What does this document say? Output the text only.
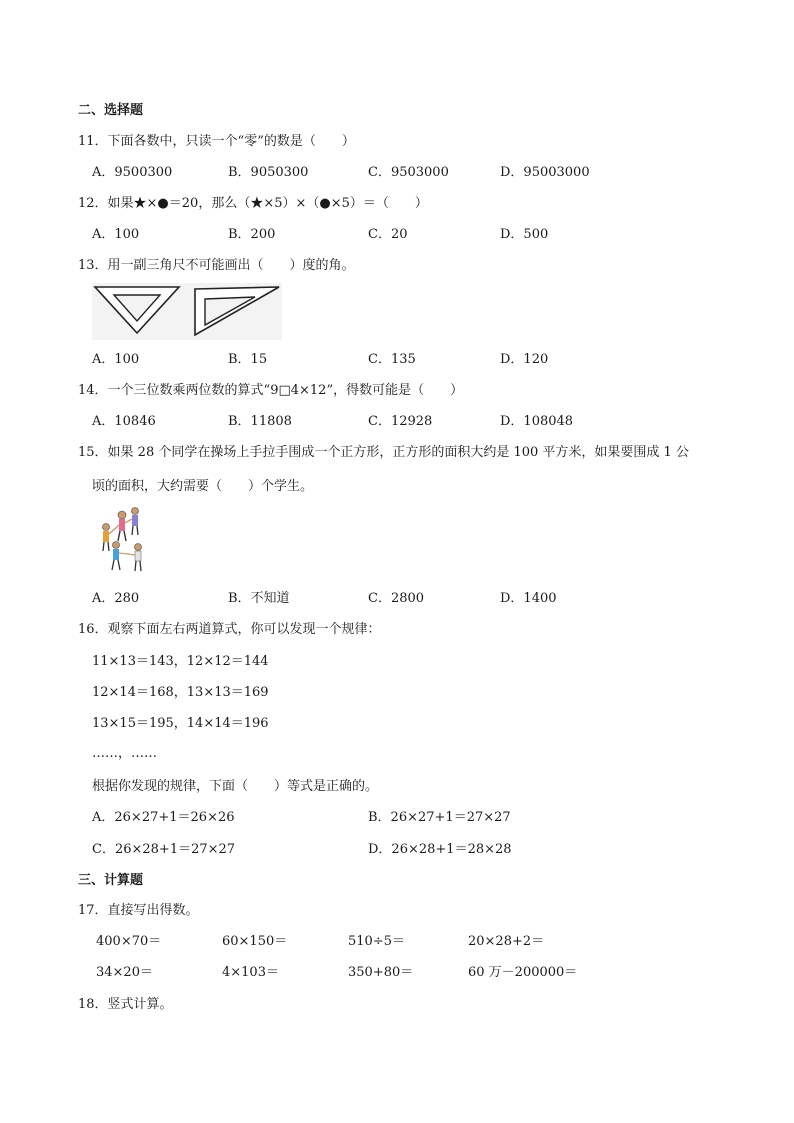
二、选择题
11．下面各数中，只读一个“零”的数是（　　）
A．9500300	B．9050300	C．9503000	D．95003000
12．如果★×●＝20，那么（★×5）×（●×5）＝（　　）
A．100	B．200	C．20	D．500
13．用一副三角尺不可能画出（　　）度的角。
A．100	B．15	C．135	D．120
14．一个三位数乘两位数的算式“9□4×12”，得数可能是（　　）
A．10846	B．11808	C．12928	D．108048
15．如果 28 个同学在操场上手拉手围成一个正方形，正方形的面积大约是 100 平方米，如果要围成 1 公
顷的面积，大约需要（　　）个学生。
A．280	B．不知道	C．2800	D．1400
16．观察下面左右两道算式，你可以发现一个规律：
11×13＝143，12×12＝144
12×14＝168，13×13＝169
13×15＝195，14×14＝196
……，……
根据你发现的规律，下面（　　）等式是正确的。
A．26×27+1＝26×26	B．26×27+1＝27×27
C．26×28+1＝27×27	D．26×28+1＝28×28
三、计算题
17．直接写出得数。
400×70＝	60×150＝	510÷5＝	20×28+2＝
34×20＝	4×103＝	350+80＝	60 万－200000＝
18．竖式计算。
